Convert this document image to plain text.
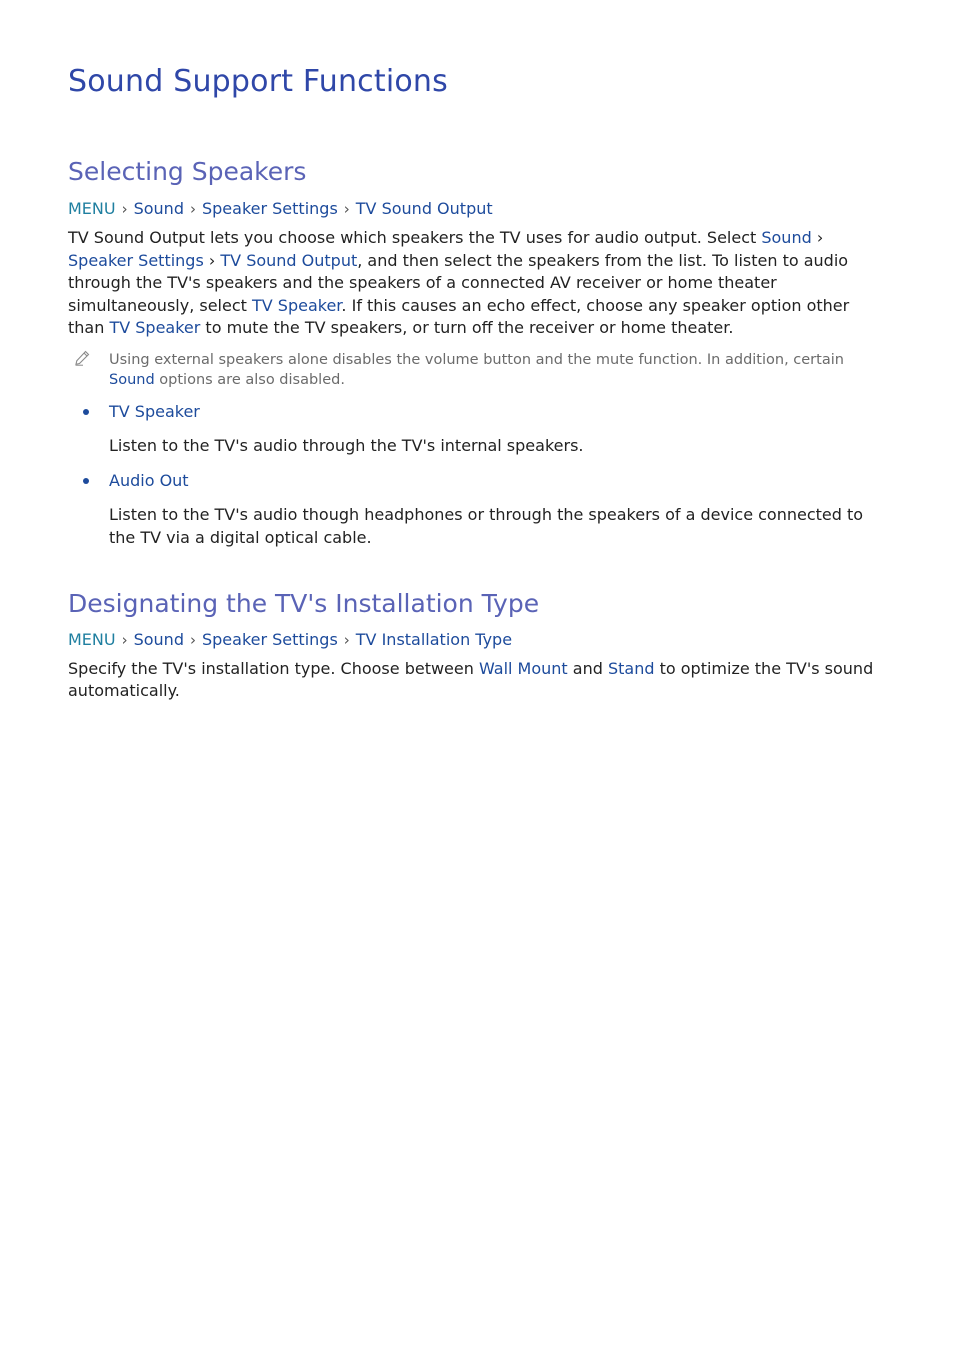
Sound Support Functions
Selecting Speakers

MENU › Sound › Speaker Settings › TV Sound Output

TV Sound Output lets you choose which speakers the TV uses for audio output. Select Sound › Speaker Settings › TV Sound Output, and then select the speakers from the list. To listen to audio through the TV's speakers and the speakers of a connected AV receiver or home theater simultaneously, select TV Speaker. If this causes an echo effect, choose any speaker option other than TV Speaker to mute the TV speakers, or turn off the receiver or home theater.

Using external speakers alone disables the volume button and the mute function. In addition, certain Sound options are also disabled.

TV Speaker

Listen to the TV's audio through the TV's internal speakers.

Audio Out

Listen to the TV's audio though headphones or through the speakers of a device connected to the TV via a digital optical cable.

Designating the TV's Installation Type

MENU › Sound › Speaker Settings › TV Installation Type

Specify the TV's installation type. Choose between Wall Mount and Stand to optimize the TV's sound automatically.
